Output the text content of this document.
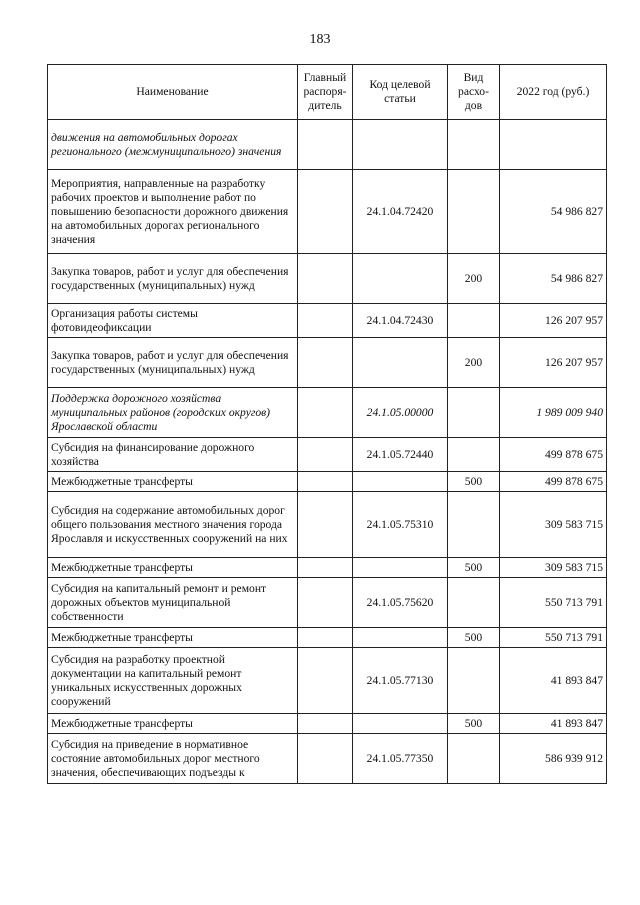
183
Наименование	Главный распоря-дитель	Код целевой статьи	Вид расхо-дов	2022 год (руб.)
движения на автомобильных дорогах регионального (межмуниципального) значения				
Мероприятия, направленные на разработку рабочих проектов и выполнение работ по повышению безопасности дорожного движения на автомобильных дорогах регионального значения		24.1.04.72420		54 986 827
Закупка товаров, работ и услуг для обеспечения государственных (муниципальных) нужд			200	54 986 827
Организация работы системы фотовидеофиксации		24.1.04.72430		126 207 957
Закупка товаров, работ и услуг для обеспечения государственных (муниципальных) нужд			200	126 207 957
Поддержка дорожного хозяйства муниципальных районов (городских округов) Ярославской области		24.1.05.00000		1 989 009 940
Субсидия на финансирование дорожного хозяйства		24.1.05.72440		499 878 675
Межбюджетные трансферты			500	499 878 675
Субсидия на содержание автомобильных дорог общего пользования местного значения города Ярославля и искусственных сооружений на них		24.1.05.75310		309 583 715
Межбюджетные трансферты			500	309 583 715
Субсидия на капитальный ремонт и ремонт дорожных объектов муниципальной собственности		24.1.05.75620		550 713 791
Межбюджетные трансферты			500	550 713 791
Субсидия на разработку проектной документации на капитальный ремонт уникальных искусственных дорожных сооружений		24.1.05.77130		41 893 847
Межбюджетные трансферты			500	41 893 847
Субсидия на приведение в нормативное состояние автомобильных дорог местного значения, обеспечивающих подъезды к		24.1.05.77350		586 939 912
